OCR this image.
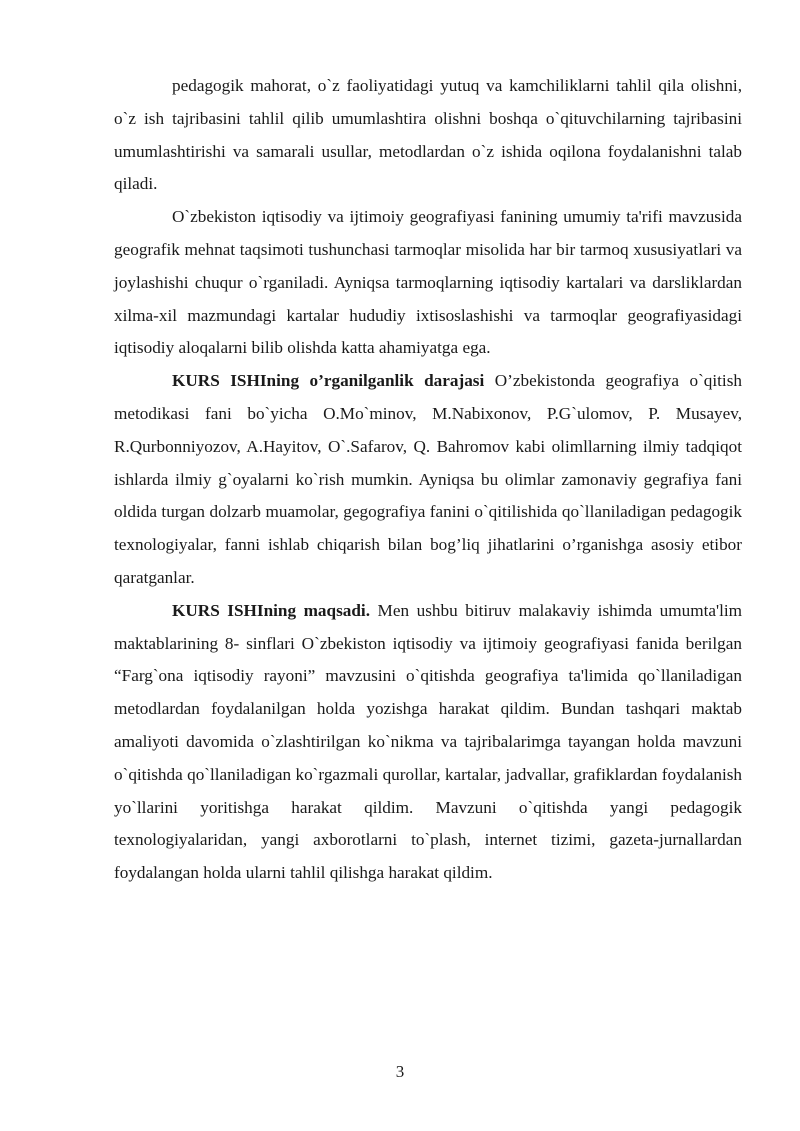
pedagogik mahorat, o`z faoliyatidagi yutuq va kamchiliklarni tahlil qila olishni, o`z ish tajribasini tahlil qilib umumlashtira olishni boshqa o`qituvchilarning tajribasini umumlashtirishi va samarali usullar, metodlardan o`z ishida oqilona foydalanishni talab qiladi.

O`zbekiston iqtisodiy va ijtimoiy geografiyasi fanining umumiy ta'rifi mavzusida geografik mehnat taqsimoti tushunchasi tarmoqlar misolida har bir tarmoq xususiyatlari va joylashishi chuqur o`rganiladi. Ayniqsa tarmoqlarning iqtisodiy kartalari va darsliklardan xilma-xil mazmundagi kartalar hududiy ixtisoslashishi va tarmoqlar geografiyasidagi iqtisodiy aloqalarni bilib olishda katta ahamiyatga ega.

KURS ISHIning o’rganilganlik darajasi O’zbekistonda geografiya o`qitish metodikasi fani bo`yicha O.Mo`minov, M.Nabixonov, P.G`ulomov, P. Musayev, R.Qurbonniyozov, A.Hayitov, O`.Safarov, Q. Bahromov kabi olimllarning ilmiy tadqiqot ishlarda ilmiy g`oyalarni ko`rish mumkin. Ayniqsa bu olimlar zamonaviy gegrafiya fani oldida turgan dolzarb muamolar, gegografiya fanini o`qitilishida qo`llaniladigan pedagogik texnologiyalar, fanni ishlab chiqarish bilan bog’liq jihatlarini o’rganishga asosiy etibor qaratganlar.

KURS ISHIning maqsadi. Men ushbu bitiruv malakaviy ishimda umumta'lim maktablarining 8- sinflari O`zbekiston iqtisodiy va ijtimoiy geografiyasi fanida berilgan “Farg`ona iqtisodiy rayoni” mavzusini o`qitishda geografiya ta'limida qo`llaniladigan metodlardan foydalanilgan holda yozishga harakat qildim. Bundan tashqari maktab amaliyoti davomida o`zlashtirilgan ko`nikma va tajribalarimga tayangan holda mavzuni o`qitishda qo`llaniladigan ko`rgazmali qurollar, kartalar, jadvallar, grafiklardan foydalanish yo`llarini yoritishga harakat qildim. Mavzuni o`qitishda yangi pedagogik texnologiyalaridan, yangi axborotlarni to`plash, internet tizimi, gazeta-jurnallardan foydalangan holda ularni tahlil qilishga harakat qildim.

3
